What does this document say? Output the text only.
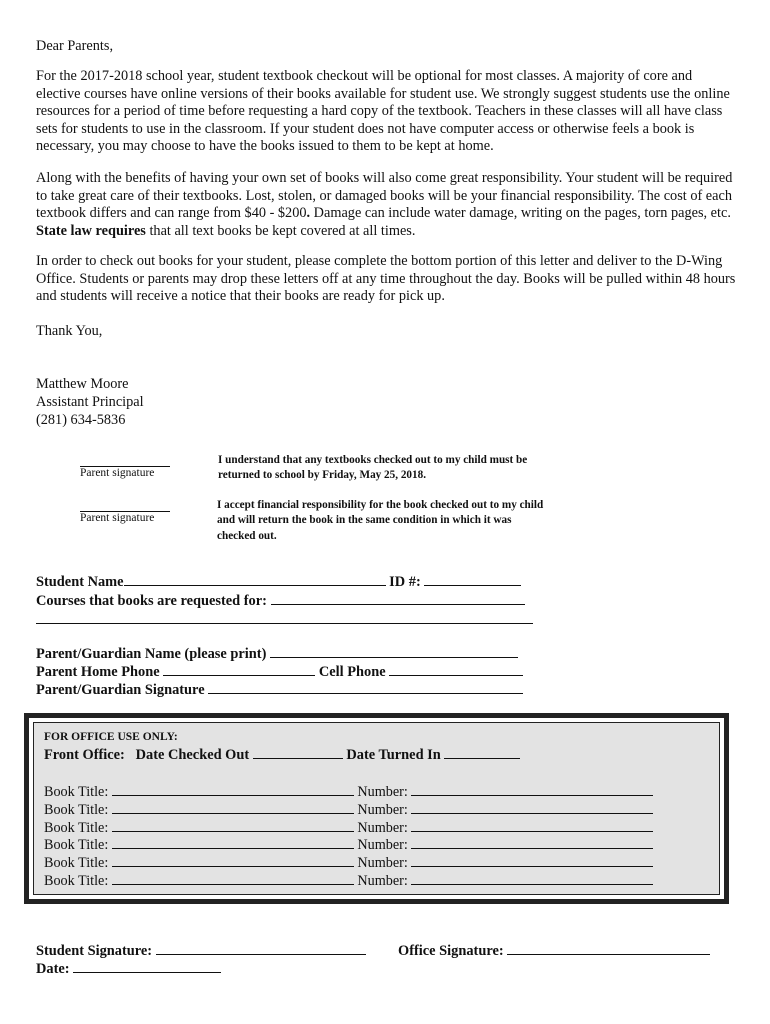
Dear Parents,

For the 2017-2018 school year, student textbook checkout will be optional for most classes. A majority of core and elective courses have online versions of their books available for student use. We strongly suggest students use the online resources for a period of time before requesting a hard copy of the textbook. Teachers in these classes will all have class sets for students to use in the classroom. If your student does not have computer access or otherwise feels a book is necessary, you may choose to have the books issued to them to be kept at home.

Along with the benefits of having your own set of books will also come great responsibility. Your student will be required to take great care of their textbooks. Lost, stolen, or damaged books will be your financial responsibility. The cost of each textbook differs and can range from $40 - $200. Damage can include water damage, writing on the pages, torn pages, etc. State law requires that all text books be kept covered at all times.

In order to check out books for your student, please complete the bottom portion of this letter and deliver to the D-Wing Office. Students or parents may drop these letters off at any time throughout the day. Books will be pulled within 48 hours and students will receive a notice that their books are ready for pick up.

Thank You,

Matthew Moore

Assistant Principal

(281) 634-5836

Parent signature
I understand that any textbooks checked out to my child must be returned to school by Friday, May 25, 2018.
Parent signature
I accept financial responsibility for the book checked out to my child and will return the book in the same condition in which it was checked out.
Student Name	ID #:
Courses that books are requested for:
Parent/Guardian Name (please print)
Parent Home Phone	Cell Phone
Parent/Guardian Signature
FOR OFFICE USE ONLY:
Front Office: Date Checked Out	Date Turned In
Book Title:	Number:
Book Title:	Number:
Book Title:	Number:
Book Title:	Number:
Book Title:	Number:
Book Title:	Number:
Student Signature:	Office Signature:
Date:
